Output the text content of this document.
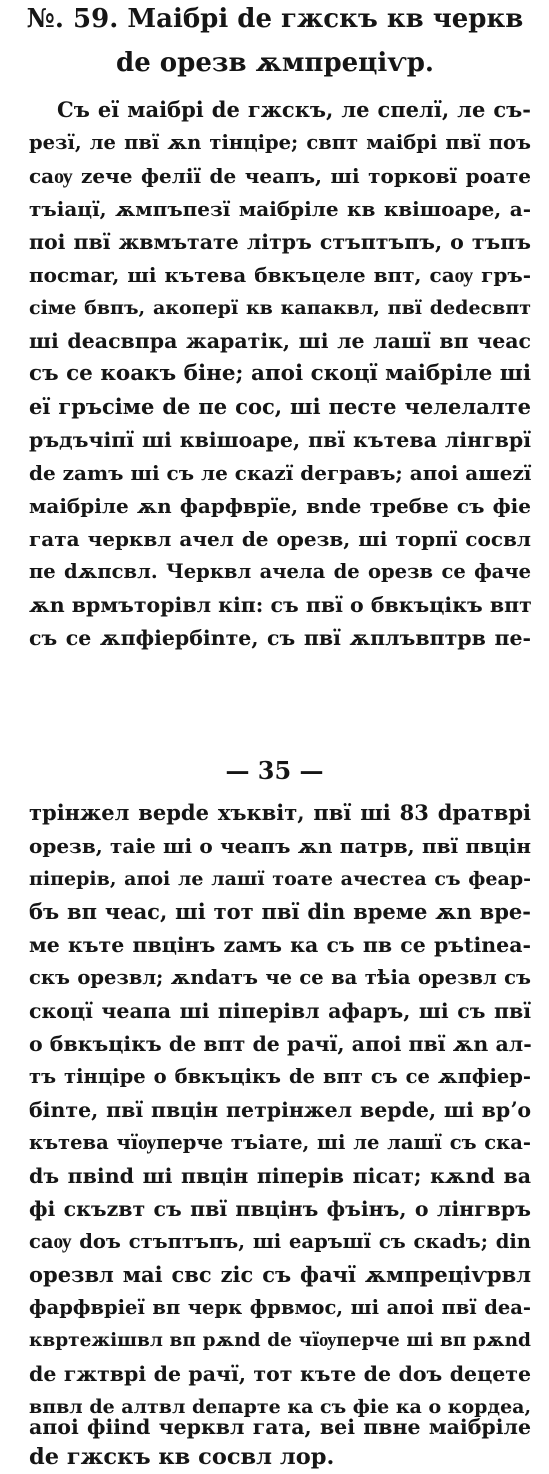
№. 59. Маібрі de гжскъ кв черкв
de орезв ѫмпреціѵр.
Съ еї маібрі de гжскъ, ле спелї, ле съ-
резї, ле пвї ѫn тінціре; свпт маібрі пвї поъ
саѹ zече фелії de чеапъ, ші торковї роате
тъіацї, ѫмпъпезї маібріле кв квішоаре, а-
поі пвї жвмътате літръ стъптъпъ, о тъпъ
посmar, ші кътева бвкъцеле впт, саѹ гръ-
сіме бвпъ, акоперї кв капаквл, пвї dedecвпт
ші deacвпра жаратік, ші ле лашї вп чеас
съ се коакъ біне; апоі скоцї маібріле ші
еї гръсіме de пе сос, ші пестe челелалте
ръдъчіпї ші квішоаре, пвї кътева лінгврї
de zamъ ші съ ле скаzї dегравъ; апоі ашеzї
маібріле ѫn фарфврїе, вnde требве съ фіе
гата черквл ачел de орезв, ші торпї сосвл
пе dѫпсвл. Черквл ачела de орезв се фаче
ѫn врмъторівл кіп: съ пвї о бвкъцікъ впт
съ се ѫпфіербіnте, съ пвї ѫплъвптрв пе-
— 35 —
трінжел верde хъквіт, пвї ші 83 dратврі
орезв, таіе ші о чеапъ ѫn патрв, пвї пвцін
піперів, апоі ле лашї тоате ачестеа съ феар-
бъ вп чеас, ші тот пвї din време ѫn вре-
ме къте пвцінъ zамъ ка съ пв се ръtineа-
скъ орезвл; ѫndатъ че се ва тѣіа орезвл съ
скоцї чеапа ші піперівл афаръ, ші съ пвї
о бвкъцікъ de впт de рачї, апоі пвї ѫn ал-
тъ тінціре о бвкъцікъ de впт съ се ѫпфіер-
біnте, пвї пвцін петрінжел верde, ші врʼо
кътева чїѹперче тъіате, ші ле лашї съ скa-
dъ пвіnd ші пвцін піперів пісат; кѫnd ва
фі скъzвт съ пвї пвцінъ фъінъ, о лінгвръ
саѹ dоъ стъптъпъ, ші еаръшї съ скаdъ; din
орезвл маі свс zіс съ фачї ѫмпреціѵрвл
фарфвріеї вп черк фрвмос, ші апоі пвї dea-
квртежішвл вп рѫnd de чїѹперче ші вп рѫnd
de гжтврі de рачї, тот къте de dоъ deцете
впвл de алтвл dепарте ка съ фіе ка о кордеа,
апоі фііnd черквл гата, веі пвне маібріле
de гжскъ кв сосвл лор.
